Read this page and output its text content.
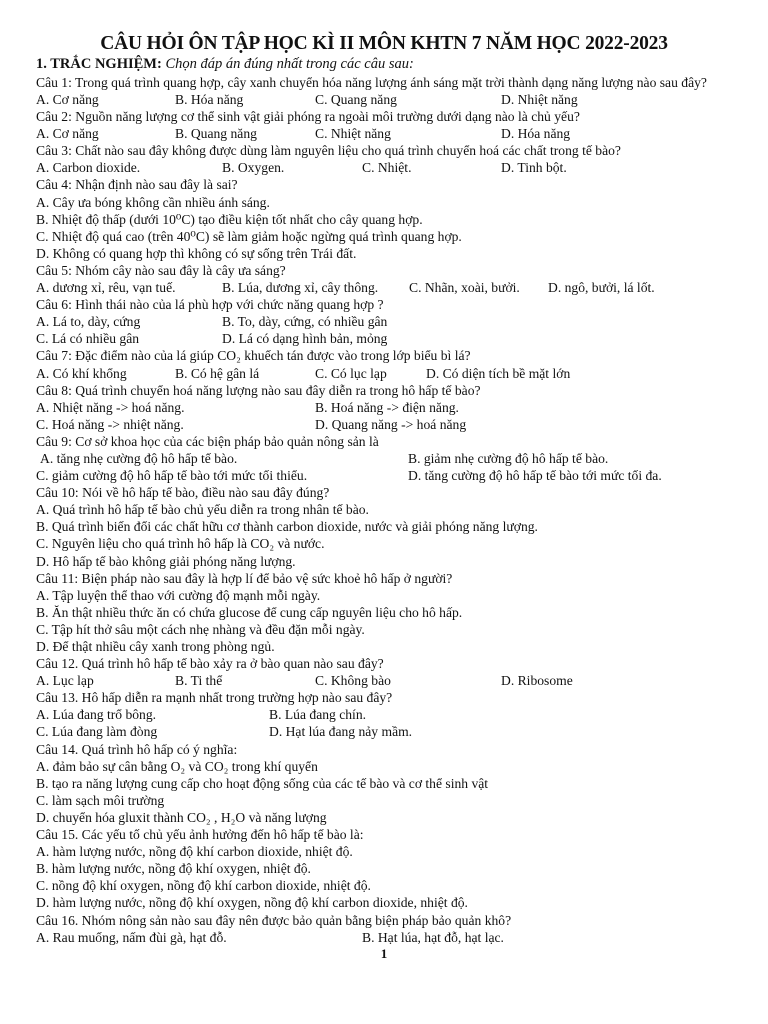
CÂU HỎI ÔN TẬP HỌC KÌ II MÔN KHTN 7 NĂM HỌC 2022-2023
1. TRẮC NGHIỆM: Chọn đáp án đúng nhất trong các câu sau:
Câu 1: Trong quá trình quang hợp, cây xanh chuyển hóa năng lượng ánh sáng mặt trời thành dạng năng lượng nào sau đây?
A. Cơ năng	B. Hóa năng	C. Quang năng	D. Nhiệt năng
Câu 2: Nguồn năng lượng cơ thể sinh vật giải phóng ra ngoài môi trường dưới dạng nào là chủ yếu?
A. Cơ năng	B. Quang năng	C. Nhiệt năng	D. Hóa năng
Câu 3: Chất nào sau đây không được dùng làm nguyên liệu cho quá trình chuyển hoá các chất trong tế bào?
A. Carbon dioxide.	B. Oxygen.	C. Nhiệt.	D. Tinh bột.
Câu 4: Nhận định nào sau đây là sai?
A. Cây ưa bóng không cần nhiều ánh sáng.
B. Nhiệt độ thấp (dưới 10⁰C) tạo điều kiện tốt nhất cho cây quang hợp.
C. Nhiệt độ quá cao (trên 40⁰C) sẽ làm giảm hoặc ngừng quá trình quang hợp.
D. Không có quang hợp thì không có sự sống trên Trái đất.
Câu 5: Nhóm cây nào sau đây là cây ưa sáng?
A. dương xỉ, rêu, vạn tuế.	B. Lúa, dương xỉ, cây thông.	C. Nhãn, xoài, bưởi.	D. ngô, bưởi, lá lốt.
Câu 6: Hình thái nào của lá phù hợp với chức năng quang hợp ?
A. Lá to, dày, cứng	B. To, dày, cứng, có nhiều gân
C. Lá có nhiều gân	D. Lá có dạng hình bản, mỏng
Câu 7: Đặc điểm nào của lá giúp CO₂ khuếch tán được vào trong lớp biểu bì lá?
A. Có khí khổng	B. Có hệ gân lá	C. Có lục lạp	D. Có diện tích bề mặt lớn
Câu 8: Quá trình chuyển hoá năng lượng nào sau đây diễn ra trong hô hấp tế bào?
A. Nhiệt năng -> hoá năng.	B. Hoá năng -> điện năng.
C. Hoá năng -> nhiệt năng.	D. Quang năng -> hoá năng
Câu 9: Cơ sở khoa học của các biện pháp bảo quản nông sản là
A. tăng nhẹ cường độ hô hấp tế bào.	B. giảm nhẹ cường độ hô hấp tế bào.
C. giảm cường độ hô hấp tế bào tới mức tối thiểu.	D. tăng cường độ hô hấp tế bào tới mức tối đa.
Câu 10: Nói về hô hấp tế bào, điều nào sau đây đúng?
A. Quá trình hô hấp tế bào chủ yếu diễn ra trong nhân tế bào.
B. Quá trình biến đổi các chất hữu cơ thành carbon dioxide, nước và giải phóng năng lượng.
C. Nguyên liệu cho quá trình hô hấp là CO₂ và nước.
D. Hô hấp tế bào không giải phóng năng lượng.
Câu 11: Biện pháp nào sau đây là hợp lí để bảo vệ sức khoẻ hô hấp ở người?
A. Tập luyện thể thao với cường độ mạnh mỗi ngày.
B. Ăn thật nhiều thức ăn có chứa glucose để cung cấp nguyên liệu cho hô hấp.
C. Tập hít thở sâu một cách nhẹ nhàng và đều đặn mỗi ngày.
D. Để thật nhiều cây xanh trong phòng ngủ.
Câu 12. Quá trình hô hấp tế bào xảy ra ở bào quan nào sau đây?
A. Lục lạp	B. Ti thể	C. Không bào	D. Ribosome
Câu 13. Hô hấp diễn ra mạnh nhất trong trường hợp nào sau đây?
A. Lúa đang trổ bông.	B. Lúa đang chín.
C. Lúa đang làm đòng	D. Hạt lúa đang nảy mầm.
Câu 14. Quá trình hô hấp có ý nghĩa:
A. đảm bảo sự cân bằng O₂ và CO₂ trong khí quyển
B. tạo ra năng lượng cung cấp cho hoạt động sống của các tế bào và cơ thể sinh vật
C. làm sạch môi trường
D. chuyển hóa gluxit thành CO₂ , H₂O và năng lượng
Câu 15. Các yếu tố chủ yếu ảnh hưởng đến hô hấp tế bào là:
A. hàm lượng nước, nồng độ khí carbon dioxide, nhiệt độ.
B. hàm lượng nước, nồng độ khí oxygen, nhiệt độ.
C. nồng độ khí oxygen, nồng độ khí carbon dioxide, nhiệt độ.
D. hàm lượng nước, nồng độ khí oxygen, nồng độ khí carbon dioxide, nhiệt độ.
Câu 16. Nhóm nông sản nào sau đây nên được bảo quản bằng biện pháp bảo quản khô?
A. Rau muống, nấm đùi gà, hạt đỗ.	B. Hạt lúa, hạt đỗ, hạt lạc.
1
